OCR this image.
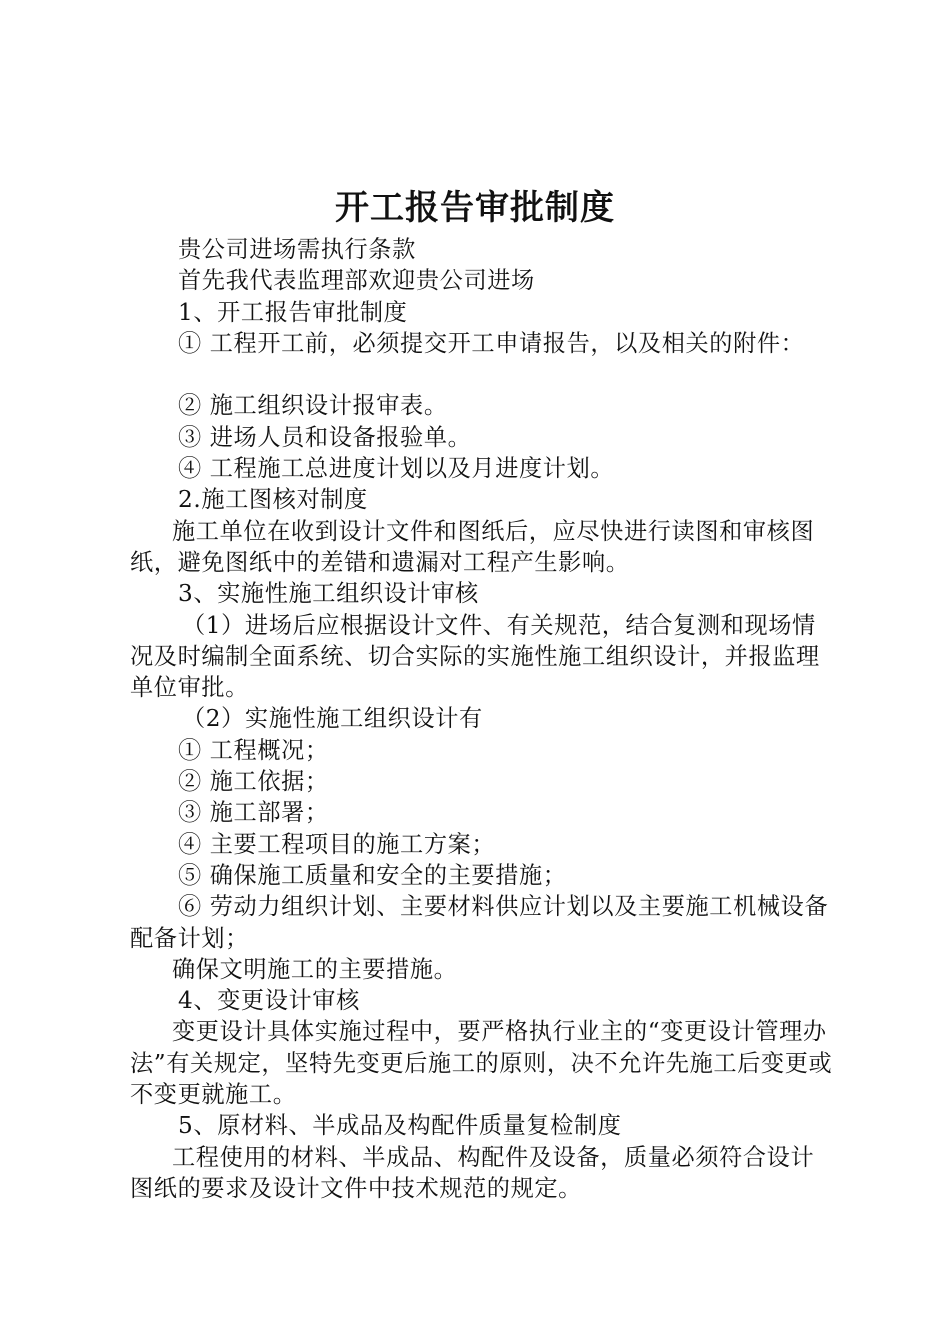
开工报告审批制度

贵公司进场需执行条款

首先我代表监理部欢迎贵公司进场

1、开工报告审批制度

① 工程开工前，必须提交开工申请报告，以及相关的附件：

② 施工组织设计报审表。

③ 进场人员和设备报验单。

④ 工程施工总进度计划以及月进度计划。

2.施工图核对制度

施工单位在收到设计文件和图纸后，应尽快进行读图和审核图纸，避免图纸中的差错和遗漏对工程产生影响。

3、实施性施工组织设计审核

（1）进场后应根据设计文件、有关规范，结合复测和现场情况及时编制全面系统、切合实际的实施性施工组织设计，并报监理单位审批。

（2）实施性施工组织设计有

① 工程概况；

② 施工依据；

③ 施工部署；

④ 主要工程项目的施工方案；

⑤ 确保施工质量和安全的主要措施；

⑥ 劳动力组织计划、主要材料供应计划以及主要施工机械设备配备计划；

确保文明施工的主要措施。

4、变更设计审核

变更设计具体实施过程中，要严格执行业主的“变更设计管理办法”有关规定，坚特先变更后施工的原则，决不允许先施工后变更或不变更就施工。

5、原材料、半成品及构配件质量复检制度

工程使用的材料、半成品、构配件及设备，质量必须符合设计图纸的要求及设计文件中技术规范的规定。
